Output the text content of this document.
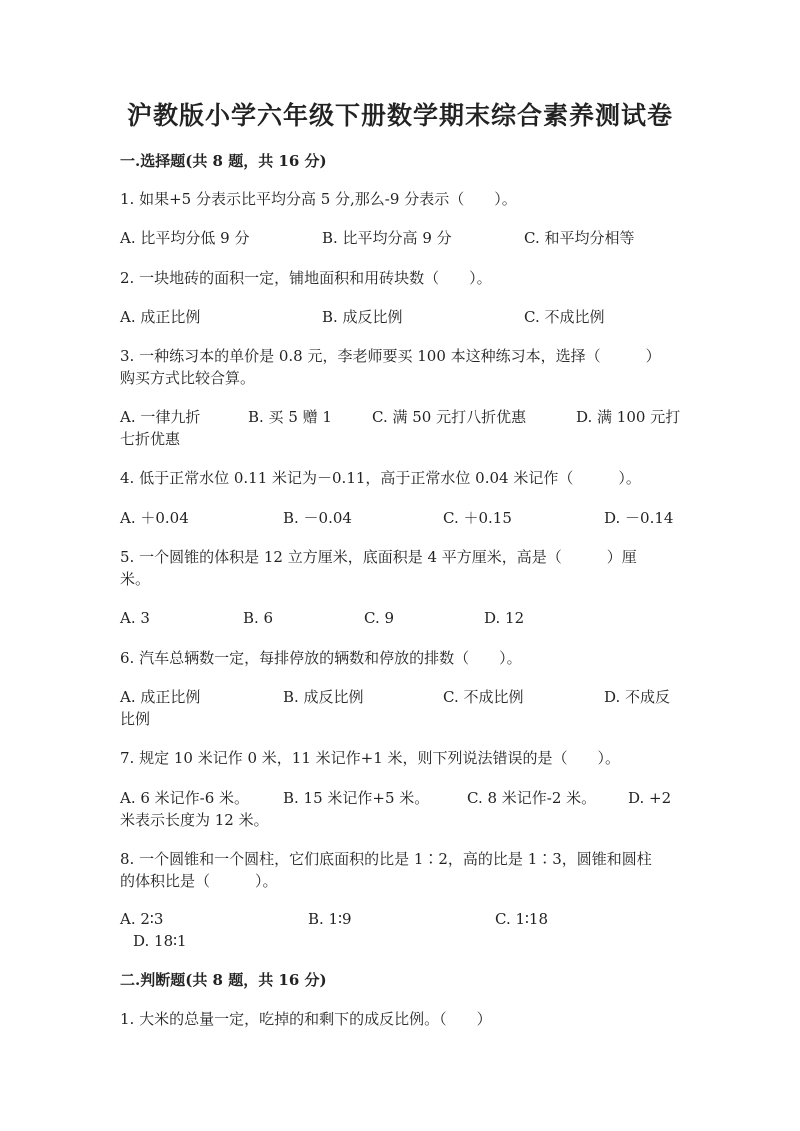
沪教版小学六年级下册数学期末综合素养测试卷
一.选择题(共 8 题，共 16 分)
1. 如果+5 分表示比平均分高 5 分,那么-9 分表示（　　）。
A. 比平均分低 9 分	B. 比平均分高 9 分	C. 和平均分相等
2. 一块地砖的面积一定，铺地面积和用砖块数（　　）。
A. 成正比例	B. 成反比例	C. 不成比例
3. 一种练习本的单价是 0.8 元，李老师要买 100 本这种练习本，选择（　　　）
购买方式比较合算。
A. 一律九折	B. 买 5 赠 1	C. 满 50 元打八折优惠	D. 满 100 元打
七折优惠
4. 低于正常水位 0.11 米记为－0.11，高于正常水位 0.04 米记作（　　　）。
A. ＋0.04	B. －0.04	C. ＋0.15	D. －0.14
5. 一个圆锥的体积是 12 立方厘米，底面积是 4 平方厘米，高是（　　　）厘
米。
A. 3	B. 6	C. 9	D. 12
6. 汽车总辆数一定，每排停放的辆数和停放的排数（　　）。
A. 成正比例	B. 成反比例	C. 不成比例	D. 不成反
比例
7. 规定 10 米记作 0 米，11 米记作+1 米，则下列说法错误的是（　　）。
A. 6 米记作-6 米。 B. 15 米记作+5 米。	C. 8 米记作-2 米。 D. +2
米表示长度为 12 米。
8. 一个圆锥和一个圆柱，它们底面积的比是 1∶2，高的比是 1∶3，圆锥和圆柱
的体积比是（　　　）。
A. 2∶3	B. 1∶9	C. 1∶18
D. 18∶1
二.判断题(共 8 题，共 16 分)
1. 大米的总量一定，吃掉的和剩下的成反比例。（　　）
